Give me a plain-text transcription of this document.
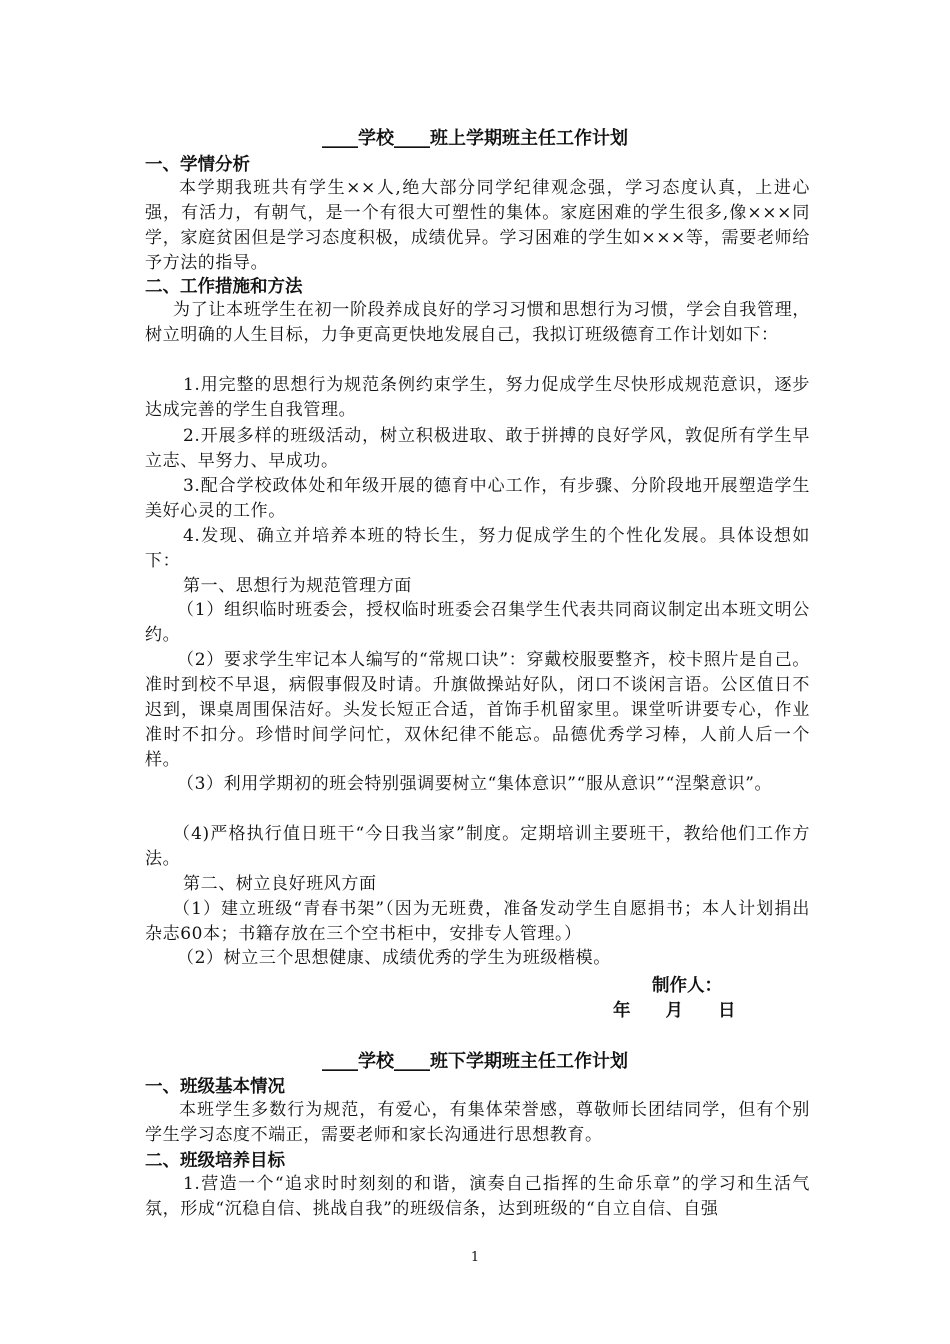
____学校____班上学期班主任工作计划
一、学情分析
本学期我班共有学生××人,绝大部分同学纪律观念强，学习态度认真，上进心强，有活力，有朝气，是一个有很大可塑性的集体。家庭困难的学生很多,像×××同学，家庭贫困但是学习态度积极，成绩优异。学习困难的学生如×××等，需要老师给予方法的指导。
二、工作措施和方法
为了让本班学生在初一阶段养成良好的学习习惯和思想行为习惯，学会自我管理，树立明确的人生目标，力争更高更快地发展自己，我拟订班级德育工作计划如下：
1.用完整的思想行为规范条例约束学生，努力促成学生尽快形成规范意识，逐步达成完善的学生自我管理。
2.开展多样的班级活动，树立积极进取、敢于拼搏的良好学风，敦促所有学生早立志、早努力、早成功。
3.配合学校政体处和年级开展的德育中心工作，有步骤、分阶段地开展塑造学生美好心灵的工作。
4.发现、确立并培养本班的特长生，努力促成学生的个性化发展。具体设想如下：
第一、思想行为规范管理方面
（1）组织临时班委会，授权临时班委会召集学生代表共同商议制定出本班文明公约。
（2）要求学生牢记本人编写的“常规口诀”：穿戴校服要整齐，校卡照片是自己。准时到校不早退，病假事假及时请。升旗做操站好队，闭口不谈闲言语。公区值日不迟到，课桌周围保洁好。头发长短正合适，首饰手机留家里。课堂听讲要专心，作业准时不扣分。珍惜时间学问忙，双休纪律不能忘。品德优秀学习棒，人前人后一个样。
（3）利用学期初的班会特别强调要树立“集体意识”“服从意识”“涅槃意识”。
（4)严格执行值日班干“今日我当家”制度。定期培训主要班干，教给他们工作方法。
第二、树立良好班风方面
（1）建立班级“青春书架”（因为无班费，准备发动学生自愿捐书；本人计划捐出杂志60本；书籍存放在三个空书柜中，安排专人管理。）
（2）树立三个思想健康、成绩优秀的学生为班级楷模。
制作人：
年　　月　　日
____学校____班下学期班主任工作计划
一、班级基本情况
本班学生多数行为规范，有爱心，有集体荣誉感，尊敬师长团结同学，但有个别学生学习态度不端正，需要老师和家长沟通进行思想教育。
二、班级培养目标
1.营造一个“追求时时刻刻的和谐，演奏自己指挥的生命乐章”的学习和生活气氛，形成“沉稳自信、挑战自我”的班级信条，达到班级的“自立自信、自强
1
